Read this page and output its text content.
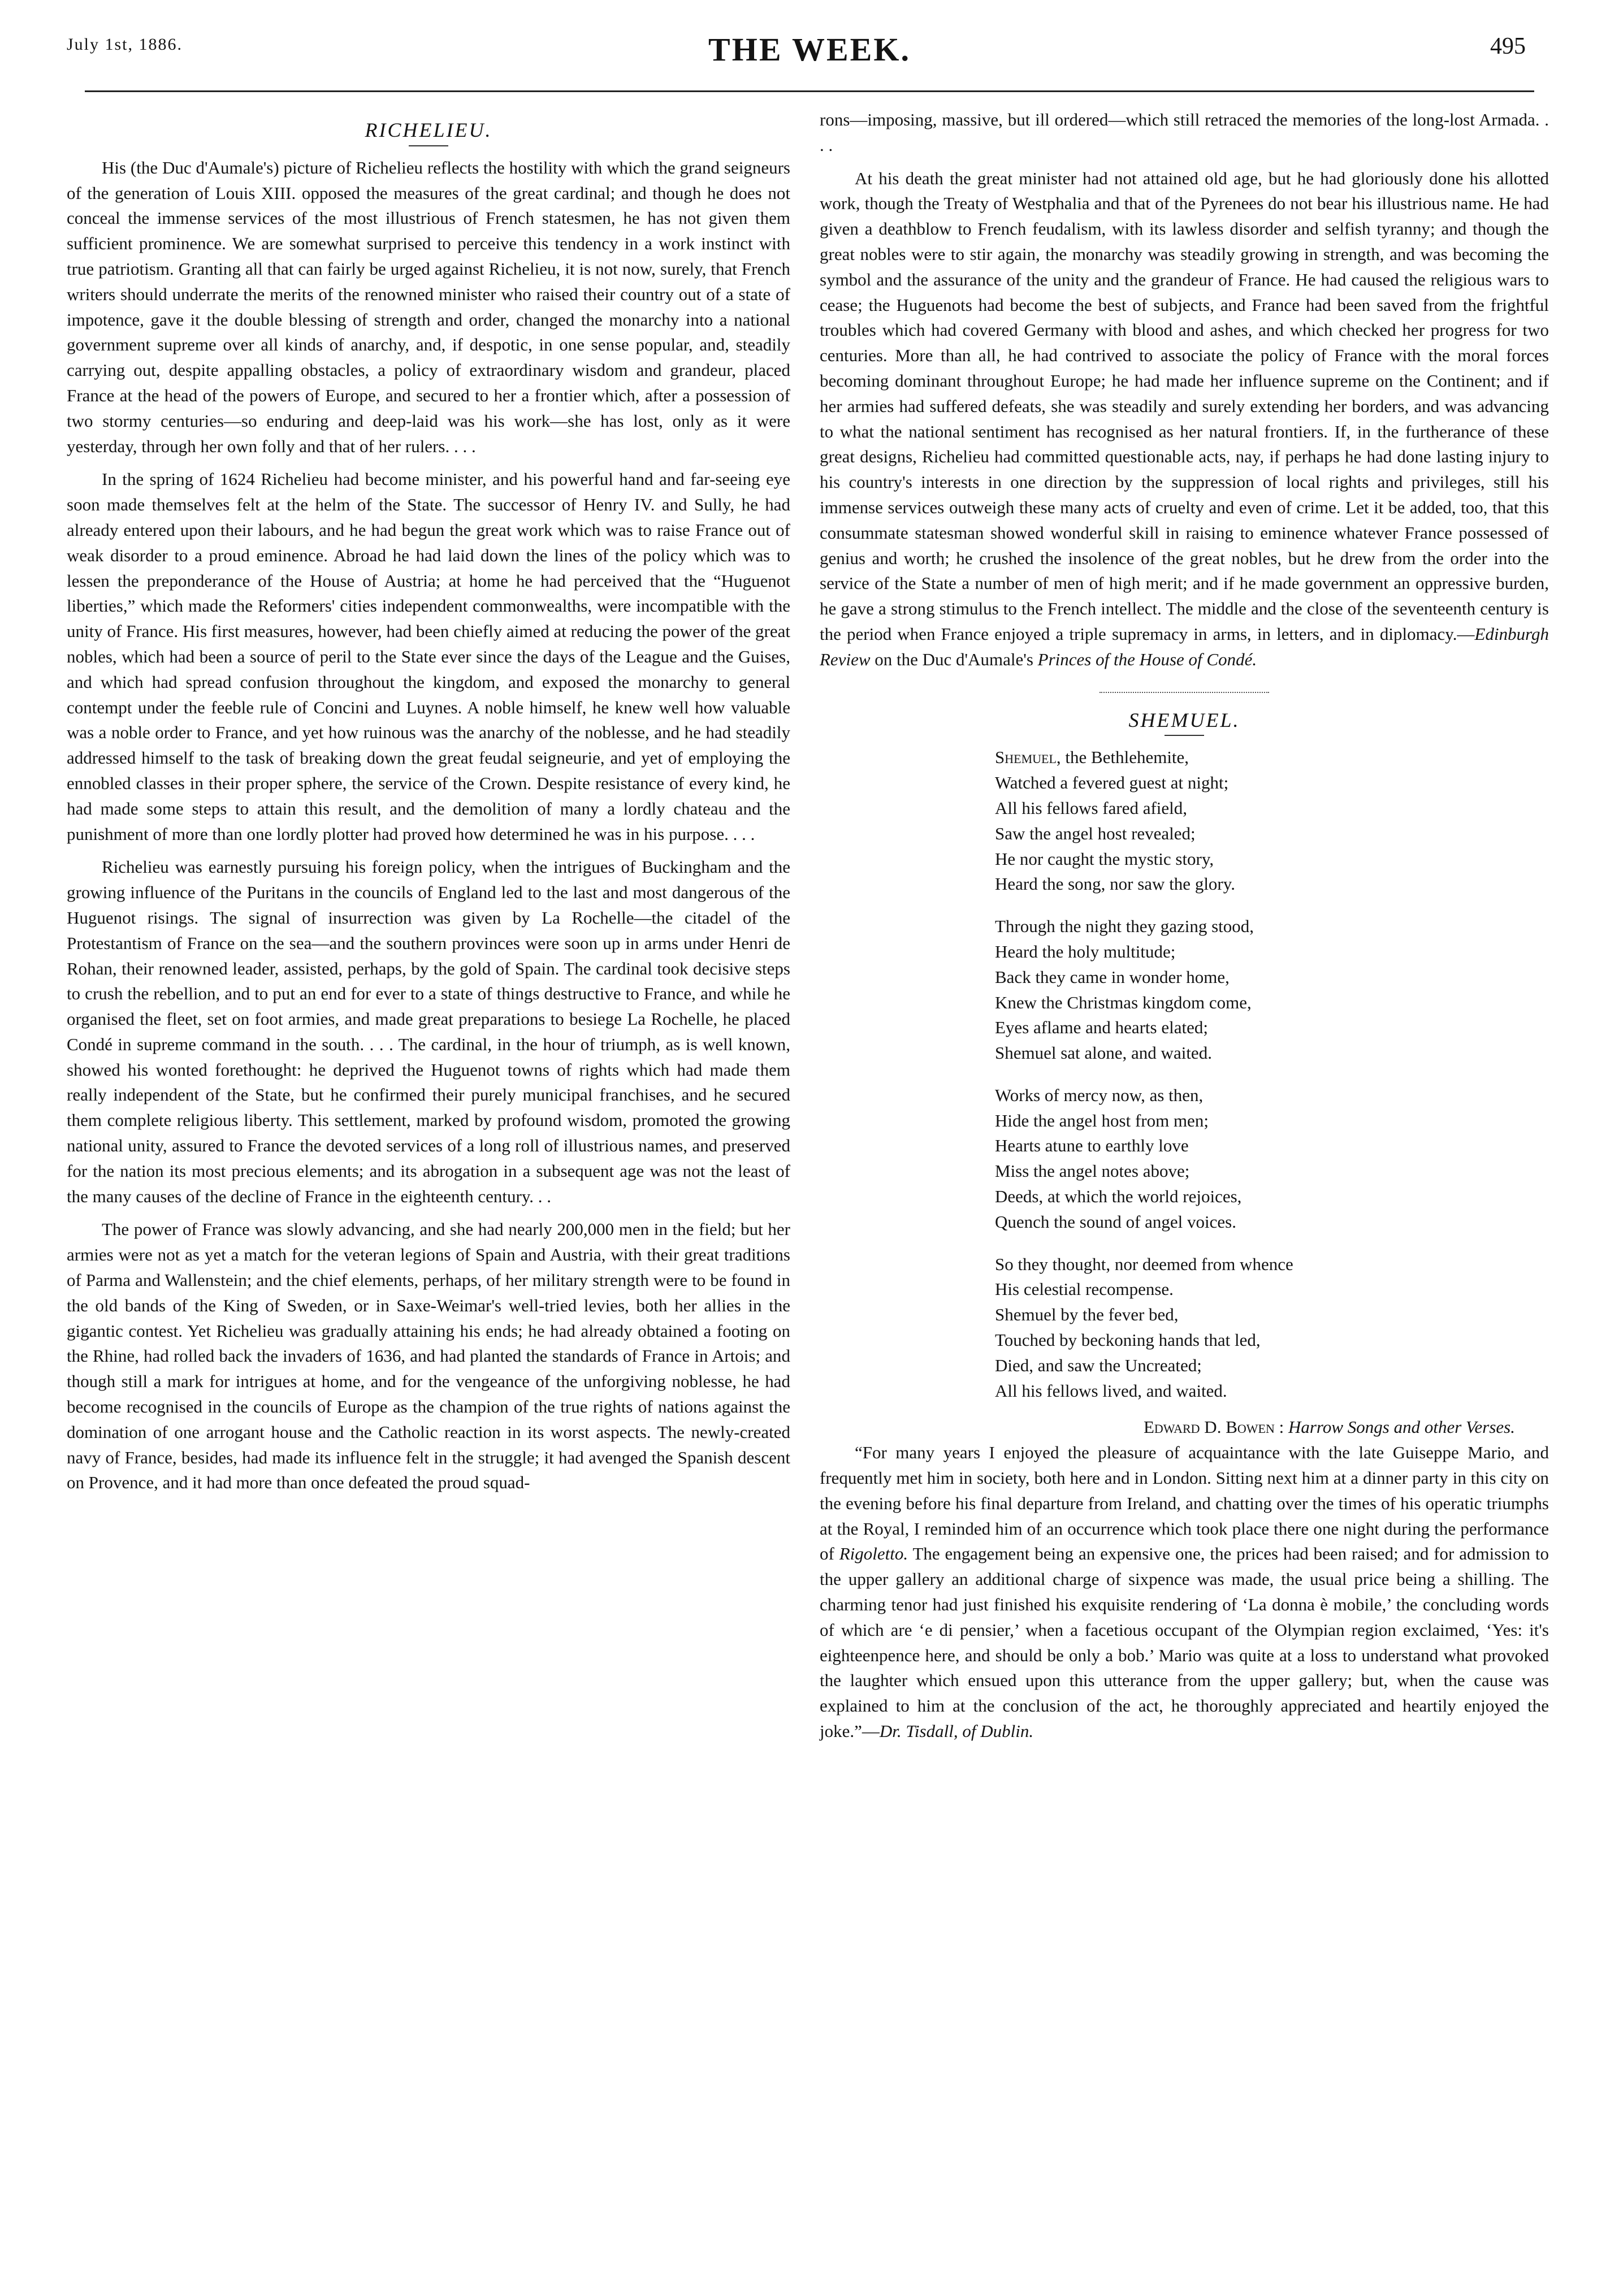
July 1st, 1886.	THE WEEK.	495
RICHELIEU.

His (the Duc d'Aumale's) picture of Richelieu reflects the hostility with which the grand seigneurs of the generation of Louis XIII. opposed the measures of the great cardinal; and though he does not conceal the immense services of the most illustrious of French statesmen, he has not given them sufficient prominence. We are somewhat surprised to perceive this tendency in a work instinct with true patriotism. Granting all that can fairly be urged against Richelieu, it is not now, surely, that French writers should underrate the merits of the renowned minister who raised their country out of a state of impotence, gave it the double blessing of strength and order, changed the monarchy into a national government supreme over all kinds of anarchy, and, if despotic, in one sense popular, and, steadily carrying out, despite appalling obstacles, a policy of extraordinary wisdom and grandeur, placed France at the head of the powers of Europe, and secured to her a frontier which, after a possession of two stormy centuries—so enduring and deep-laid was his work—she has lost, only as it were yesterday, through her own folly and that of her rulers. . . .

In the spring of 1624 Richelieu had become minister, and his powerful hand and far-seeing eye soon made themselves felt at the helm of the State. The successor of Henry IV. and Sully, he had already entered upon their labours, and he had begun the great work which was to raise France out of weak disorder to a proud eminence. Abroad he had laid down the lines of the policy which was to lessen the preponderance of the House of Austria; at home he had perceived that the “Huguenot liberties,” which made the Reformers' cities independent commonwealths, were incompatible with the unity of France. His first measures, however, had been chiefly aimed at reducing the power of the great nobles, which had been a source of peril to the State ever since the days of the League and the Guises, and which had spread confusion throughout the kingdom, and exposed the monarchy to general contempt under the feeble rule of Concini and Luynes. A noble himself, he knew well how valuable was a noble order to France, and yet how ruinous was the anarchy of the noblesse, and he had steadily addressed himself to the task of breaking down the great feudal seigneurie, and yet of employing the ennobled classes in their proper sphere, the service of the Crown. Despite resistance of every kind, he had made some steps to attain this result, and the demolition of many a lordly chateau and the punishment of more than one lordly plotter had proved how determined he was in his purpose. . . .

Richelieu was earnestly pursuing his foreign policy, when the intrigues of Buckingham and the growing influence of the Puritans in the councils of England led to the last and most dangerous of the Huguenot risings. The signal of insurrection was given by La Rochelle—the citadel of the Protestantism of France on the sea—and the southern provinces were soon up in arms under Henri de Rohan, their renowned leader, assisted, perhaps, by the gold of Spain. The cardinal took decisive steps to crush the rebellion, and to put an end for ever to a state of things destructive to France, and while he organised the fleet, set on foot armies, and made great preparations to besiege La Rochelle, he placed Condé in supreme command in the south. . . . The cardinal, in the hour of triumph, as is well known, showed his wonted forethought: he deprived the Huguenot towns of rights which had made them really independent of the State, but he confirmed their purely municipal franchises, and he secured them complete religious liberty. This settlement, marked by profound wisdom, promoted the growing national unity, assured to France the devoted services of a long roll of illustrious names, and preserved for the nation its most precious elements; and its abrogation in a subsequent age was not the least of the many causes of the decline of France in the eighteenth century. . .

The power of France was slowly advancing, and she had nearly 200,000 men in the field; but her armies were not as yet a match for the veteran legions of Spain and Austria, with their great traditions of Parma and Wallenstein; and the chief elements, perhaps, of her military strength were to be found in the old bands of the King of Sweden, or in Saxe-Weimar's well-tried levies, both her allies in the gigantic contest. Yet Richelieu was gradually attaining his ends; he had already obtained a footing on the Rhine, had rolled back the invaders of 1636, and had planted the standards of France in Artois; and though still a mark for intrigues at home, and for the vengeance of the unforgiving noblesse, he had become recognised in the councils of Europe as the champion of the true rights of nations against the domination of one arrogant house and the Catholic reaction in its worst aspects. The newly-created navy of France, besides, had made its influence felt in the struggle; it had avenged the Spanish descent on Provence, and it had more than once defeated the proud squad-

rons—imposing, massive, but ill ordered—which still retraced the memories of the long-lost Armada. . . .

At his death the great minister had not attained old age, but he had gloriously done his allotted work, though the Treaty of Westphalia and that of the Pyrenees do not bear his illustrious name. He had given a deathblow to French feudalism, with its lawless disorder and selfish tyranny; and though the great nobles were to stir again, the monarchy was steadily growing in strength, and was becoming the symbol and the assurance of the unity and the grandeur of France. He had caused the religious wars to cease; the Huguenots had become the best of subjects, and France had been saved from the frightful troubles which had covered Germany with blood and ashes, and which checked her progress for two centuries. More than all, he had contrived to associate the policy of France with the moral forces becoming dominant throughout Europe; he had made her influence supreme on the Continent; and if her armies had suffered defeats, she was steadily and surely extending her borders, and was advancing to what the national sentiment has recognised as her natural frontiers. If, in the furtherance of these great designs, Richelieu had committed questionable acts, nay, if perhaps he had done lasting injury to his country's interests in one direction by the suppression of local rights and privileges, still his immense services outweigh these many acts of cruelty and even of crime. Let it be added, too, that this consummate statesman showed wonderful skill in raising to eminence whatever France possessed of genius and worth; he crushed the insolence of the great nobles, but he drew from the order into the service of the State a number of men of high merit; and if he made government an oppressive burden, he gave a strong stimulus to the French intellect. The middle and the close of the seventeenth century is the period when France enjoyed a triple supremacy in arms, in letters, and in diplomacy.—Edinburgh Review on the Duc d'Aumale's Princes of the House of Condé.

SHEMUEL.
Shemuel, the Bethlehemite,
Watched a fevered guest at night;
All his fellows fared afield,
Saw the angel host revealed;
He nor caught the mystic story,
Heard the song, nor saw the glory.
Through the night they gazing stood,
Heard the holy multitude;
Back they came in wonder home,
Knew the Christmas kingdom come,
Eyes aflame and hearts elated;
Shemuel sat alone, and waited.
Works of mercy now, as then,
Hide the angel host from men;
Hearts atune to earthly love
Miss the angel notes above;
Deeds, at which the world rejoices,
Quench the sound of angel voices.
So they thought, nor deemed from whence
His celestial recompense.
Shemuel by the fever bed,
Touched by beckoning hands that led,
Died, and saw the Uncreated;
All his fellows lived, and waited.
Edward D. Bowen : Harrow Songs and other Verses.

“For many years I enjoyed the pleasure of acquaintance with the late Guiseppe Mario, and frequently met him in society, both here and in London. Sitting next him at a dinner party in this city on the evening before his final departure from Ireland, and chatting over the times of his operatic triumphs at the Royal, I reminded him of an occurrence which took place there one night during the performance of Rigoletto. The engagement being an expensive one, the prices had been raised; and for admission to the upper gallery an additional charge of sixpence was made, the usual price being a shilling. The charming tenor had just finished his exquisite rendering of ‘La donna è mobile,’ the concluding words of which are ‘e di pensier,’ when a facetious occupant of the Olympian region exclaimed, ‘Yes: it's eighteenpence here, and should be only a bob.’ Mario was quite at a loss to understand what provoked the laughter which ensued upon this utterance from the upper gallery; but, when the cause was explained to him at the conclusion of the act, he thoroughly appreciated and heartily enjoyed the joke.”—Dr. Tisdall, of Dublin.
